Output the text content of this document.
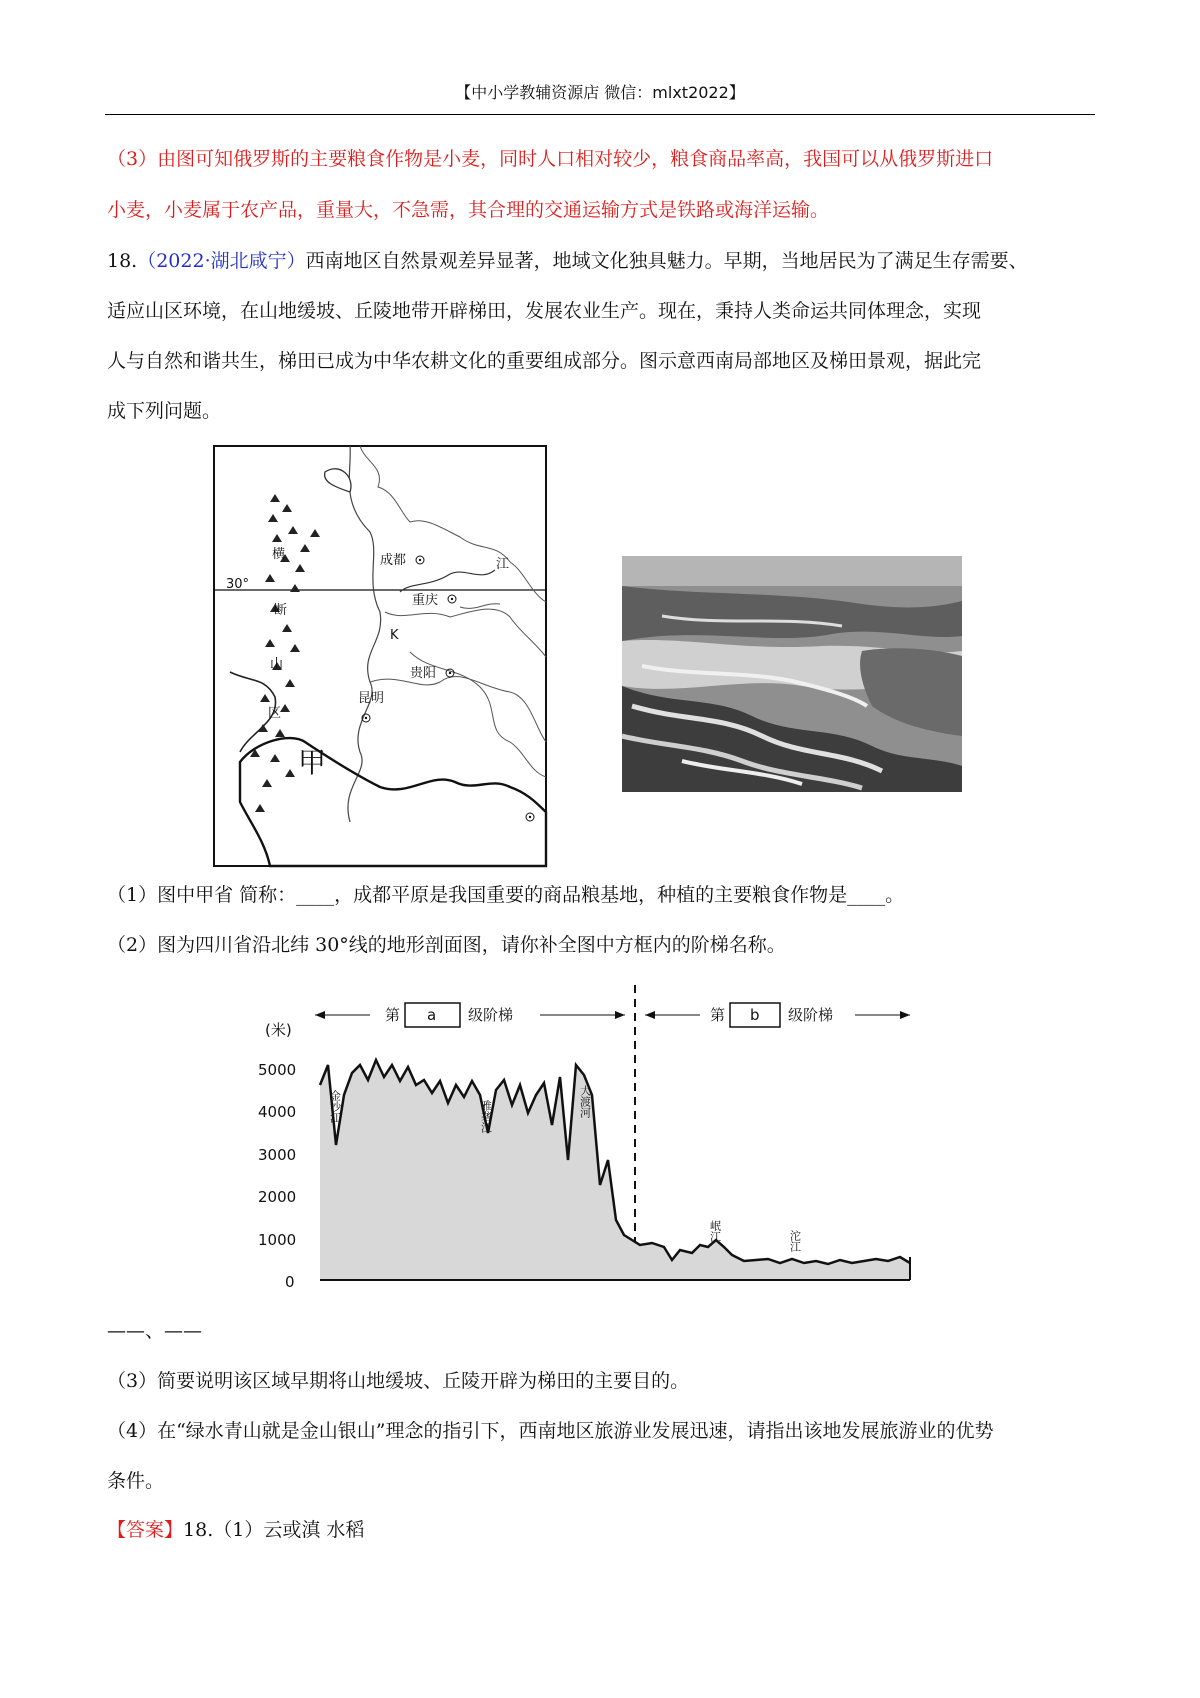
【中小学教辅资源店 微信：mlxt2022】
（3）由图可知俄罗斯的主要粮食作物是小麦，同时人口相对较少，粮食商品率高，我国可以从俄罗斯进口
小麦，小麦属于农产品，重量大，不急需，其合理的交通运输方式是铁路或海洋运输。
18.（2022·湖北咸宁）西南地区自然景观差异显著，地域文化独具魅力。早期，当地居民为了满足生存需要、
适应山区环境，在山地缓坡、丘陵地带开辟梯田，发展农业生产。现在，秉持人类命运共同体理念，实现
人与自然和谐共生，梯田已成为中华农耕文化的重要组成部分。图示意西南局部地区及梯田景观，据此完
成下列问题。
30°
横
断
山
区
成都
重庆
贵阳
昆明
K
江
甲
（1）图中甲省 简称：____，成都平原是我国重要的商品粮基地，种植的主要粮食作物是____。
（2）图为四川省沿北纬 30°线的地形剖面图，请你补全图中方框内的阶梯名称。
(米)
5000
4000
3000
2000
1000
0
第 a 级阶梯	第 b 级阶梯
金沙江	雅砻江	大渡河
岷江	沱江
——、——
（3）简要说明该区域早期将山地缓坡、丘陵开辟为梯田的主要目的。
（4）在“绿水青山就是金山银山”理念的指引下，西南地区旅游业发展迅速，请指出该地发展旅游业的优势
条件。
【答案】18.（1）云或滇 水稻
